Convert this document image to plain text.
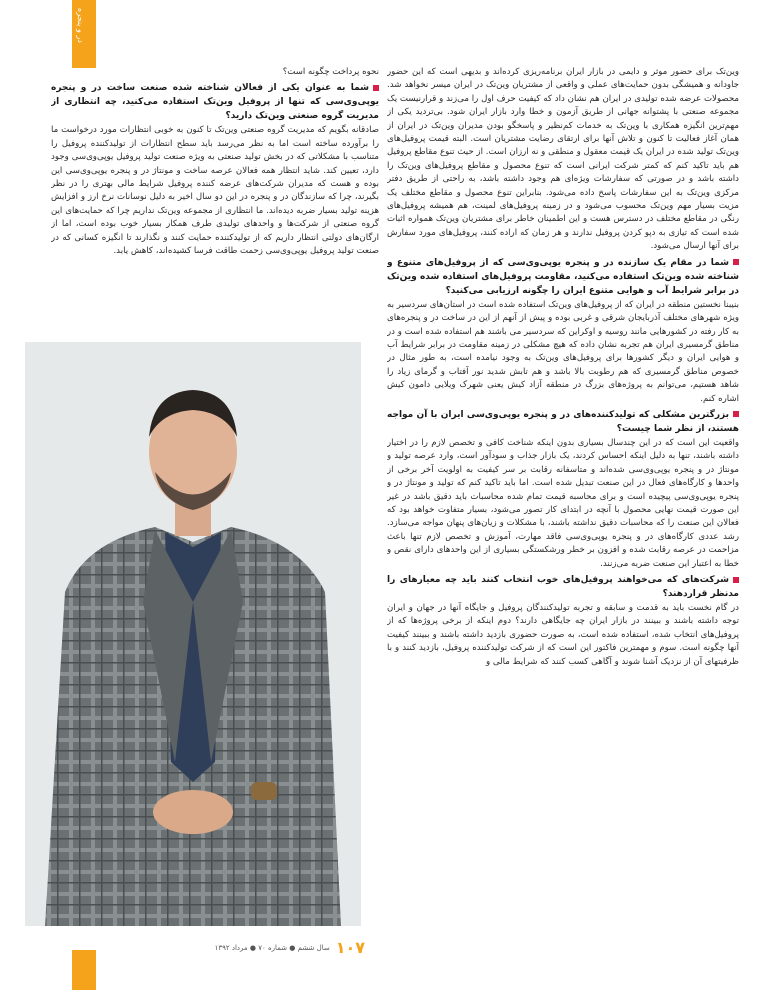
در و پنجره

نحوه پرداخت چگونه است؟

شما به عنوان یکی از فعالان شناخته شده صنعت ساخت در و پنجره یوپی‌وی‌سی که تنها از پروفیل وین‌تک استفاده می‌کنید، چه انتظاری از مدیریت گروه صنعتی وین‌تک دارید؟

صادقانه بگویم که مدیریت گروه صنعتی وین‌تک تا کنون به خوبی انتظارات مورد درخواست ما را برآورده ساخته است اما به نظر می‌رسد باید سطح انتظارات از تولیدکننده پروفیل را متناسب با مشکلاتی که در بخش تولید صنعتی به ویژه صنعت تولید پروفیل یوپی‌وی‌سی وجود دارد، تعیین کند. شاید انتظار همه فعالان عرصه ساخت و مونتاژ در و پنجره یوپی‌وی‌سی این بوده و هست که مدیران شرکت‌های عرضه کننده پروفیل شرایط مالی بهتری را در نظر بگیرند، چرا که سازندگان در و پنجره در این دو سال اخیر به دلیل نوسانات نرخ ارز و افزایش هزینه تولید بسیار ضربه دیده‌اند. ما انتظاری از مجموعه وین‌تک نداریم چرا که حمایت‌های این گروه صنعتی از شرکت‌ها و واحدهای تولیدی طرف همکار بسیار خوب بوده است، اما از ارگان‌های دولتی انتظار داریم که از تولیدکننده حمایت کنند و نگذارند تا انگیزه کسانی که در صنعت تولید پروفیل یوپی‌وی‌سی زحمت طاقت فرسا کشیده‌اند، کاهش یابد.

وین‌تک برای حضور موثر و دایمی در بازار ایران برنامه‌ریزی کرده‌اند و بدیهی است که این حضور جاودانه و همیشگی بدون حمایت‌های عملی و واقعی از مشتریان وین‌تک در ایران میسر نخواهد شد. محصولات عرضه شده تولیدی در ایران هم نشان داد که کیفیت حرف اول را می‌زند و قرارنیست یک مجموعه صنعتی با پشتوانه جهانی از طریق آزمون و خطا وارد بازار ایران شود. بی‌تردید یکی از مهم‌ترین انگیزه همکاری با وین‌تک به خدمات کم‌نظیر و پاسخگو بودن مدیران وین‌تک در ایران از همان آغاز فعالیت تا کنون و تلاش آنها برای ارتقای رضایت مشتریان است. البته قیمت پروفیل‌های وین‌تک تولید شده در ایران یک قیمت معقول و منطقی و نه ارزان است. از حیث تنوع مقاطع پروفیل هم باید تاکید کنم که کمتر شرکت ایرانی است که تنوع محصول و مقاطع پروفیل‌های وین‌تک را داشته باشد و در صورتی که سفارشات ویژه‌ای هم وجود داشته باشد، به راحتی از طریق دفتر مرکزی وین‌تک به این سفارشات پاسخ داده می‌شود. بنابراین تنوع محصول و مقاطع مختلف یک مزیت بسیار مهم وین‌تک محسوب می‌شود و در زمینه پروفیل‌های لمینت، هم همیشه پروفیل‌های رنگی در مقاطع مختلف در دسترس هست و این اطمینان خاطر برای مشتریان وین‌تک همواره اثبات شده است که تیازی به دپو کردن پروفیل ندارند و هر زمان که اراده کنند، پروفیل‌های مورد سفارش برای آنها ارسال می‌شود.

شما در مقام یک سازنده در و پنجره یوپی‌وی‌سی که از پروفیل‌های متنوع و شناخته شده وین‌تک استفاده می‌کنید، مقاومت پروفیل‌های استفاده شده وین‌تک در برابر شرایط آب و هوایی متنوع ایران را چگونه ارزیابی می‌کنید؟

بنیبنا نخستین منطقه در ایران که از پروفیل‌های وین‌تک استفاده شده است در استان‌های سردسیر به ویژه شهرهای مختلف آذربایجان شرقی و غربی بوده و پیش از آنهم از این در ساخت در و پنجره‌های به کار رفته در کشورهایی مانند روسیه و اوکراین که سردسیر می باشند هم استفاده شده است و در مناطق گرمسیری ایران هم تجربه نشان داده که هیچ مشکلی در زمینه مقاومت در برابر شرایط آب و هوایی ایران و دیگر کشورها برای پروفیل‌های وین‌تک به وجود نیامده است، به طور مثال در خصوص مناطق گرمسیری که هم رطوبت بالا باشد و هم تابش شدید نور آفتاب و گرمای زیاد را شاهد هستیم، می‌توانم به پروژه‌های بزرگ در منطقه آزاد کیش یعنی شهرک ویلایی دامون کیش اشاره کنم.

بزرگترین مشکلی که تولیدکننده‌های در و پنجره یوپی‌وی‌سی ایران با آن مواجه هستند، از نظر شما چیست؟

واقعیت این است که در این چندسال بسیاری بدون اینکه شناخت کافی و تخصص لازم را در اختیار داشته باشند، تنها به دلیل اینکه احساس کردند، یک بازار جذاب و سودآور است، وارد عرصه تولید و مونتاژ در و پنجره یوپی‌وی‌سی شده‌اند و متاسفانه رقابت بر سر کیفیت به اولویت آخر برخی از واحدها و کارگاه‌های فعال در این صنعت تبدیل شده است. اما باید تاکید کنم که تولید و مونتاژ در و پنجره یوپی‌وی‌سی پیچیده است و برای محاسبه قیمت تمام شده محاسبات باید دقیق باشد در غیر این صورت قیمت نهایی محصول با آنچه در ابتدای کار تصور می‌شود، بسیار متفاوت خواهد بود که فعالان این صنعت را که محاسبات دقیق نداشته باشند، با مشکلات و زیان‌های پنهان مواجه می‌سازد. رشد عددی کارگاه‌های در و پنجره یوپی‌وی‌سی فاقد مهارت، آموزش و تخصص لازم تنها باعث مزاحمت در عرصه رقابت شده و افزون بر خطر ورشکستگی بسیاری از این واحدهای دارای نقص و خطا به اعتبار این صنعت ضربه می‌زنند.

شرکت‌های که می‌خواهند پروفیل‌های خوب انتخاب کنند باید چه معیارهای را مدنظر قراردهند؟

در گام نخست باید به قدمت و سابقه و تجربه تولیدکنندگان پروفیل و جایگاه آنها در جهان و ایران توجه داشته باشند و ببینند در بازار ایران چه جایگاهی دارند؟ دوم اینکه از برخی پروژه‌ها که از پروفیل‌های انتخاب شده، استفاده شده است، به صورت حضوری بازدید داشته باشند و ببینند کیفیت آنها چگونه است. سوم و مهمترین فاکتور این است که از شرکت تولیدکننده پروفیل، بازدید کنند و با ظرفیتهای آن از نزدیک آشنا شوند و آگاهی کسب کنند که شرایط مالی و

۱۰۷
سال ششم ● شماره ۷۰ ● مرداد ۱۳۹۲
